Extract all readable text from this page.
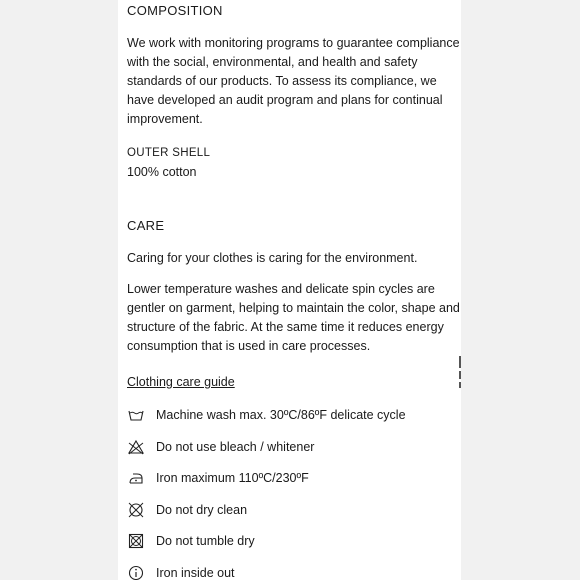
COMPOSITION

We work with monitoring programs to guarantee compliance with the social, environmental, and health and safety standards of our products. To assess its compliance, we have developed an audit program and plans for continual improvement.

OUTER SHELL
100% cotton
CARE

Caring for your clothes is caring for the environment.

Lower temperature washes and delicate spin cycles are gentler on garment, helping to maintain the color, shape and structure of the fabric. At the same time it reduces energy consumption that is used in care processes.

Clothing care guide
Machine wash max. 30ºC/86ºF delicate cycle
Do not use bleach / whitener
Iron maximum 110ºC/230ºF
Do not dry clean
Do not tumble dry
Iron inside out
